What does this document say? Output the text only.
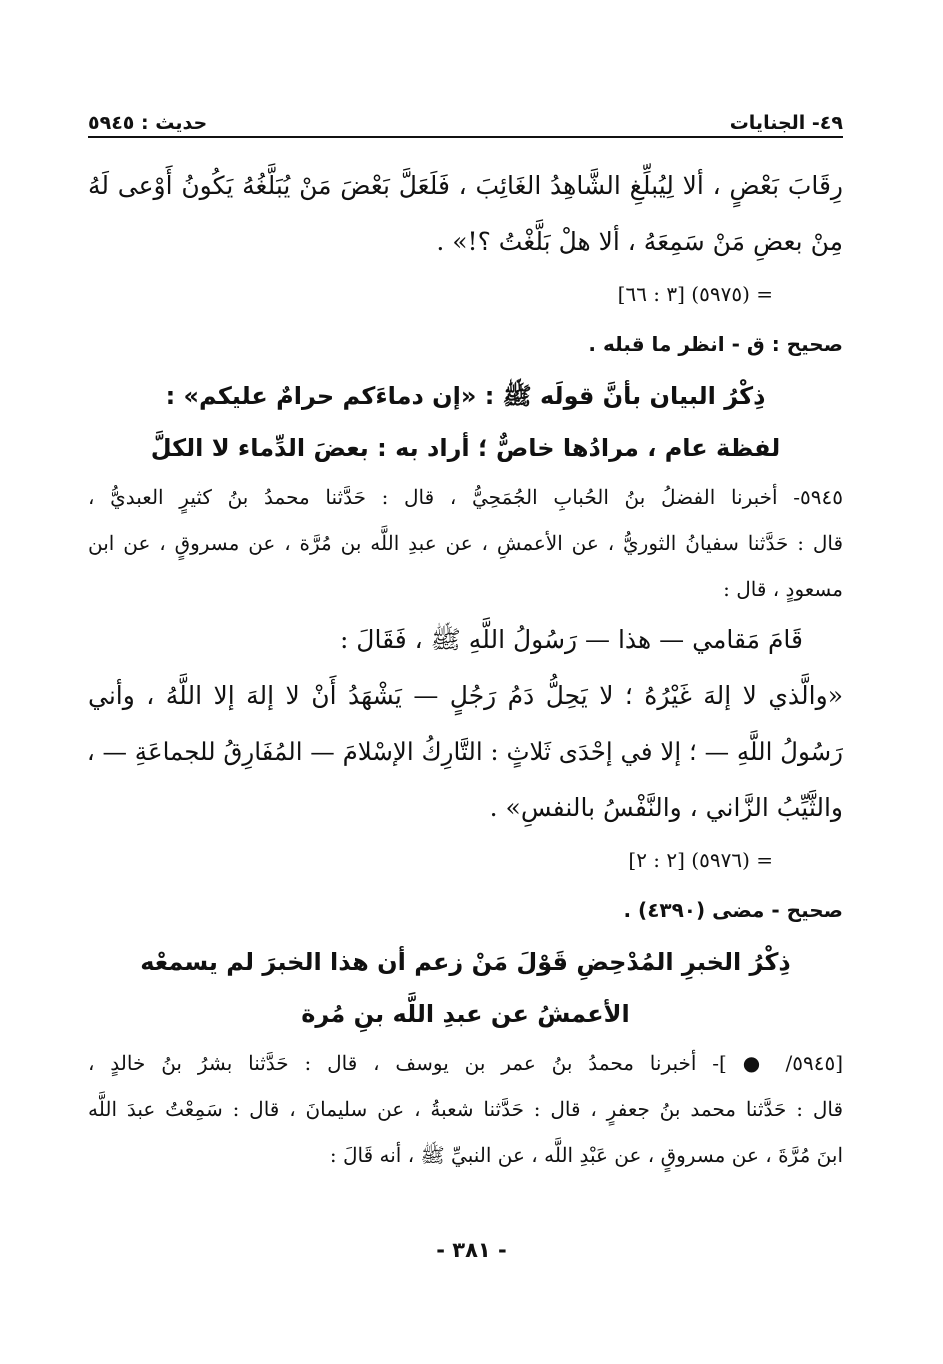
٤٩- الجنايات
حديث : ٥٩٤٥
رِقَابَ بَعْضٍ ، ألا لِيُبلِّغِ الشَّاهِدُ الغَائِبَ ، فَلَعَلَّ بَعْضَ مَنْ يُبَلَّغُهُ يَكُونُ أَوْعى لَهُ
مِنْ بعضِ مَنْ سَمِعَهُ ، ألا هلْ بَلَّغْتُ ؟!» .
= (٥٩٧٥) [٣ : ٦٦]
صحيح : ق - انظر ما قبله .
ذِكْرُ البيان بأنَّ قولَه ﷺ : «إن دماءَكم حرامٌ عليكم» :
لفظة عام ، مرادُها خاصٌّ ؛ أراد به : بعضَ الدِّماء لا الكلَّ
٥٩٤٥- أخبرنا الفضلُ بنُ الحُبابِ الجُمَحِيُّ ، قال : حَدَّثنا محمدُ بنُ كثيرٍ العبديُّ ،
قال : حَدَّثنا سفيانُ الثوريُّ ، عن الأعمشِ ، عن عبدِ اللَّه بن مُرَّة ، عن مسروقٍ ، عن ابن
مسعودٍ ، قال :
قَامَ مَقامي — هذا — رَسُولُ اللَّهِ ﷺ ، فَقَالَ :
«والَّذي لا إلهَ غَيْرُهُ ؛ لا يَحِلُّ دَمُ رَجُلٍ — يَشْهَدُ أَنْ لا إلهَ إلا اللَّهُ ، وأني
رَسُولُ اللَّهِ — ؛ إلا في إحْدَى ثَلاثٍ : التَّارِكُ الإسْلامَ — المُفَارِقُ للجماعَةِ — ،
والثَّيِّبُ الزَّاني ، والنَّفْسُ بالنفسِ» .
= (٥٩٧٦) [٢ : ٢]
صحيح - مضى (٤٣٩٠) .
ذِكْرُ الخبرِ المُدْحِضِ قَوْلَ مَنْ زعم أن هذا الخبرَ لم يسمعْه
الأعمشُ عن عبدِ اللَّه بنِ مُرة
[٥٩٤٥/ ● ]- أخبرنا محمدُ بنُ عمر بن يوسف ، قال : حَدَّثنا بشرُ بنُ خالدٍ ،
قال : حَدَّثنا محمد بنُ جعفرٍ ، قال : حَدَّثنا شعبةُ ، عن سليمانَ ، قال : سَمِعْتُ عبدَ اللَّه
ابنَ مُرَّةَ ، عن مسروقٍ ، عن عَبْدِ اللَّه ، عن النبيِّ ﷺ ، أنه قَالَ :
- ٣٨١ -
